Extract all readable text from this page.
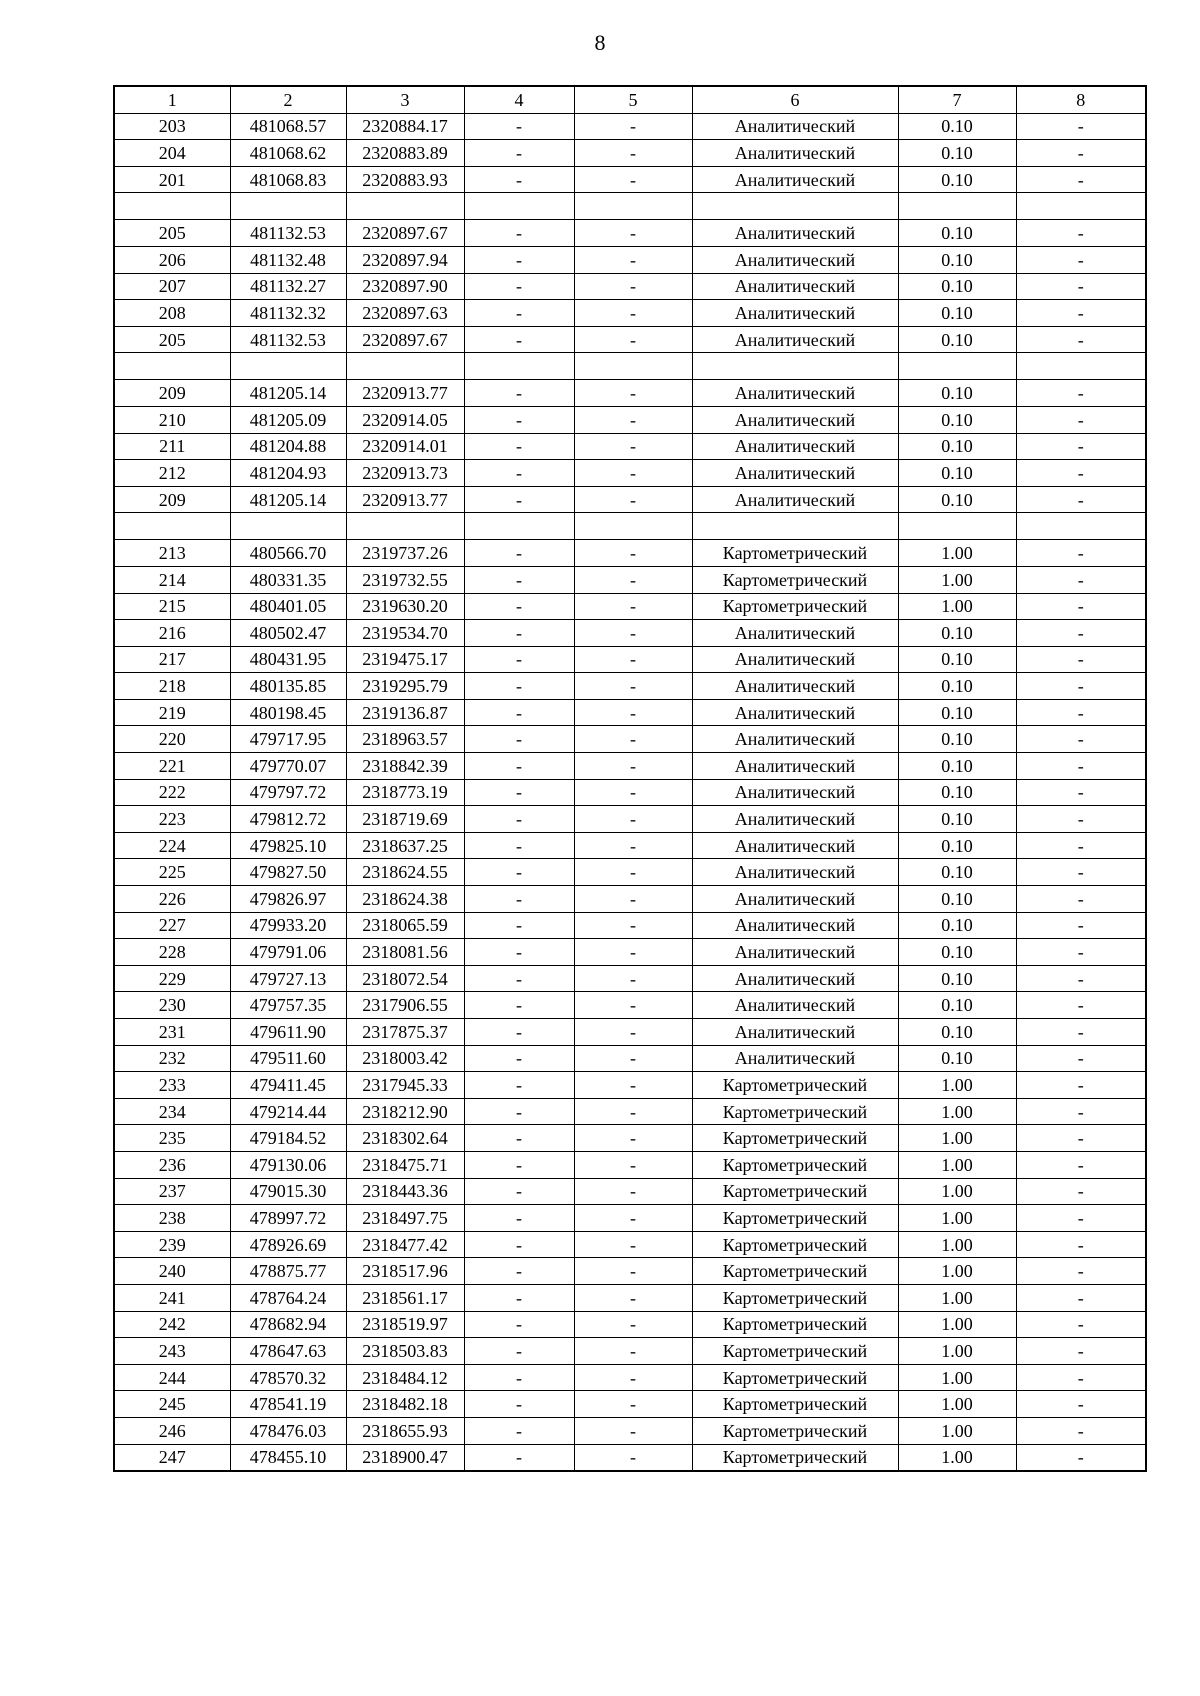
8
1	2	3	4	5	6	7	8
203	481068.57	2320884.17	-	-	Аналитический	0.10	-
204	481068.62	2320883.89	-	-	Аналитический	0.10	-
201	481068.83	2320883.93	-	-	Аналитический	0.10	-

205	481132.53	2320897.67	-	-	Аналитический	0.10	-
206	481132.48	2320897.94	-	-	Аналитический	0.10	-
207	481132.27	2320897.90	-	-	Аналитический	0.10	-
208	481132.32	2320897.63	-	-	Аналитический	0.10	-
205	481132.53	2320897.67	-	-	Аналитический	0.10	-

209	481205.14	2320913.77	-	-	Аналитический	0.10	-
210	481205.09	2320914.05	-	-	Аналитический	0.10	-
211	481204.88	2320914.01	-	-	Аналитический	0.10	-
212	481204.93	2320913.73	-	-	Аналитический	0.10	-
209	481205.14	2320913.77	-	-	Аналитический	0.10	-

213	480566.70	2319737.26	-	-	Картометрический	1.00	-
214	480331.35	2319732.55	-	-	Картометрический	1.00	-
215	480401.05	2319630.20	-	-	Картометрический	1.00	-
216	480502.47	2319534.70	-	-	Аналитический	0.10	-
217	480431.95	2319475.17	-	-	Аналитический	0.10	-
218	480135.85	2319295.79	-	-	Аналитический	0.10	-
219	480198.45	2319136.87	-	-	Аналитический	0.10	-
220	479717.95	2318963.57	-	-	Аналитический	0.10	-
221	479770.07	2318842.39	-	-	Аналитический	0.10	-
222	479797.72	2318773.19	-	-	Аналитический	0.10	-
223	479812.72	2318719.69	-	-	Аналитический	0.10	-
224	479825.10	2318637.25	-	-	Аналитический	0.10	-
225	479827.50	2318624.55	-	-	Аналитический	0.10	-
226	479826.97	2318624.38	-	-	Аналитический	0.10	-
227	479933.20	2318065.59	-	-	Аналитический	0.10	-
228	479791.06	2318081.56	-	-	Аналитический	0.10	-
229	479727.13	2318072.54	-	-	Аналитический	0.10	-
230	479757.35	2317906.55	-	-	Аналитический	0.10	-
231	479611.90	2317875.37	-	-	Аналитический	0.10	-
232	479511.60	2318003.42	-	-	Аналитический	0.10	-
233	479411.45	2317945.33	-	-	Картометрический	1.00	-
234	479214.44	2318212.90	-	-	Картометрический	1.00	-
235	479184.52	2318302.64	-	-	Картометрический	1.00	-
236	479130.06	2318475.71	-	-	Картометрический	1.00	-
237	479015.30	2318443.36	-	-	Картометрический	1.00	-
238	478997.72	2318497.75	-	-	Картометрический	1.00	-
239	478926.69	2318477.42	-	-	Картометрический	1.00	-
240	478875.77	2318517.96	-	-	Картометрический	1.00	-
241	478764.24	2318561.17	-	-	Картометрический	1.00	-
242	478682.94	2318519.97	-	-	Картометрический	1.00	-
243	478647.63	2318503.83	-	-	Картометрический	1.00	-
244	478570.32	2318484.12	-	-	Картометрический	1.00	-
245	478541.19	2318482.18	-	-	Картометрический	1.00	-
246	478476.03	2318655.93	-	-	Картометрический	1.00	-
247	478455.10	2318900.47	-	-	Картометрический	1.00	-
